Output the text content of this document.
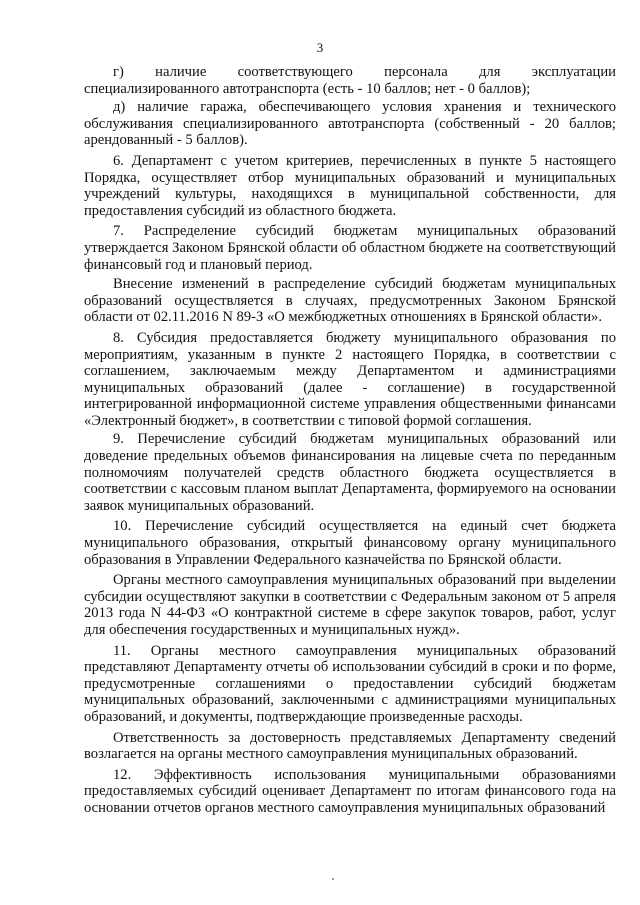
3

г) наличие соответствующего персонала для эксплуатации специализированного автотранспорта (есть - 10 баллов; нет - 0 баллов);

д) наличие гаража, обеспечивающего условия хранения и технического обслуживания специализированного автотранспорта (собственный - 20 баллов; арендованный - 5 баллов).

6. Департамент с учетом критериев, перечисленных в пункте 5 настоящего Порядка, осуществляет отбор муниципальных образований и муниципальных учреждений культуры, находящихся в муниципальной собственности, для предоставления субсидий из областного бюджета.

7. Распределение субсидий бюджетам муниципальных образований утверждается Законом Брянской области об областном бюджете на соответствующий финансовый год и плановый период.

Внесение изменений в распределение субсидий бюджетам муниципальных образований осуществляется в случаях, предусмотренных Законом Брянской области от 02.11.2016 N 89-З «О межбюджетных отношениях в Брянской области».

8. Субсидия предоставляется бюджету муниципального образования по мероприятиям, указанным в пункте 2 настоящего Порядка, в соответствии с соглашением, заключаемым между Департаментом и администрациями муниципальных образований (далее - соглашение) в государственной интегрированной информационной системе управления общественными финансами «Электронный бюджет», в соответствии с типовой формой соглашения.

9. Перечисление субсидий бюджетам муниципальных образований или доведение предельных объемов финансирования на лицевые счета по переданным полномочиям получателей средств областного бюджета осуществляется в соответствии с кассовым планом выплат Департамента, формируемого на основании заявок муниципальных образований.

10. Перечисление субсидий осуществляется на единый счет бюджета муниципального образования, открытый финансовому органу муниципального образования в Управлении Федерального казначейства по Брянской области.

Органы местного самоуправления муниципальных образований при выделении субсидии осуществляют закупки в соответствии с Федеральным законом от 5 апреля 2013 года N 44-ФЗ «О контрактной системе в сфере закупок товаров, работ, услуг для обеспечения государственных и муниципальных нужд».

11. Органы местного самоуправления муниципальных образований представляют Департаменту отчеты об использовании субсидий в сроки и по форме, предусмотренные соглашениями о предоставлении субсидий бюджетам муниципальных образований, заключенными с администрациями муниципальных образований, и документы, подтверждающие произведенные расходы.

Ответственность за достоверность представляемых Департаменту сведений возлагается на органы местного самоуправления муниципальных образований.

12. Эффективность использования муниципальными образованиями предоставляемых субсидий оценивает Департамент по итогам финансового года на основании отчетов органов местного самоуправления муниципальных образований
